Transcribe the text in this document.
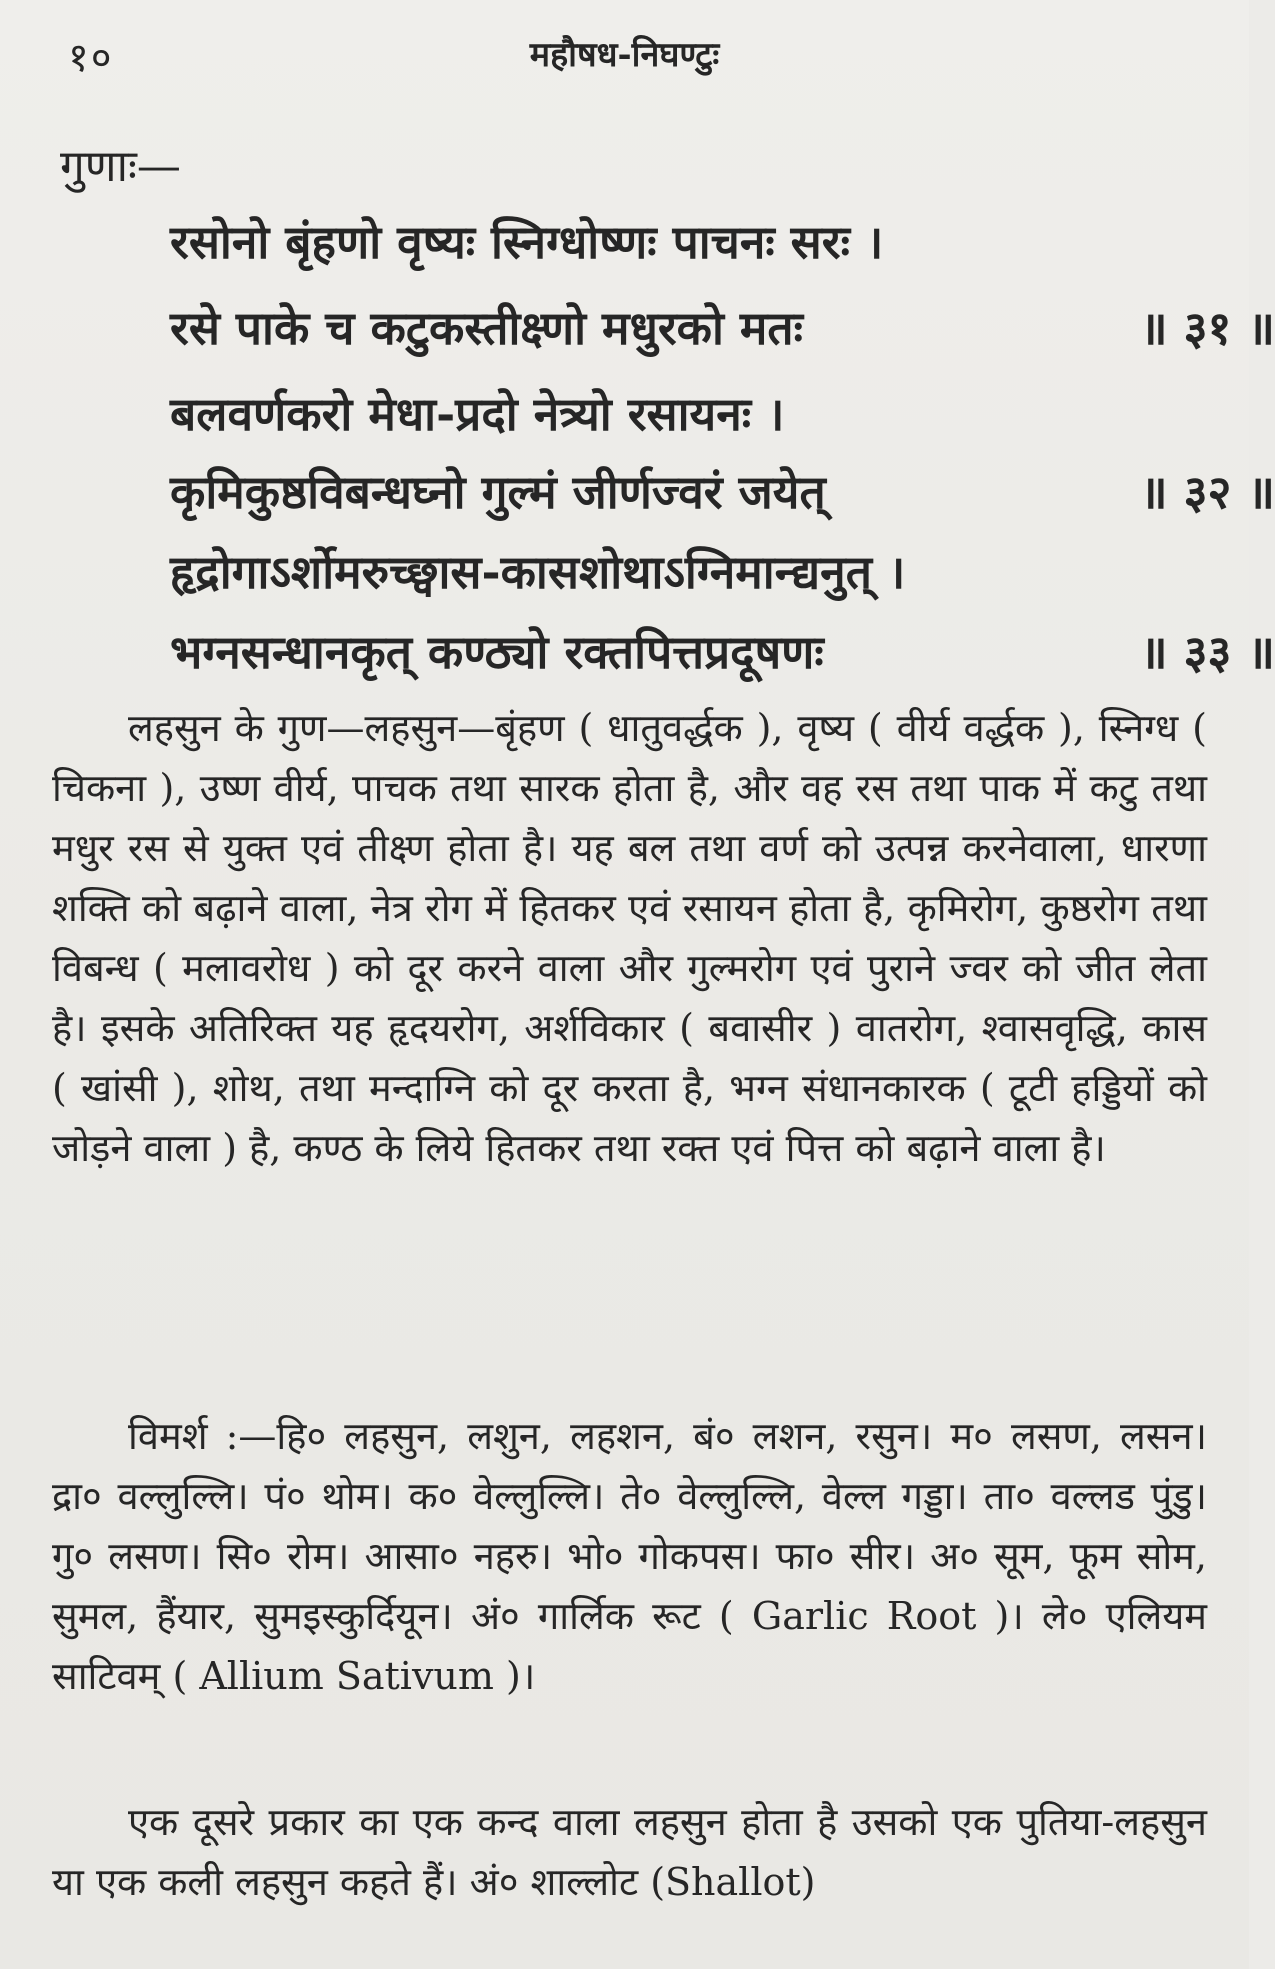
१०	महौषध-निघण्टुः
गुणाः—
रसोनो बृंहणो वृष्यः स्निग्धोष्णः पाचनः सरः ।
रसे पाके च कटुकस्तीक्ष्णो मधुरको मतः	॥ ३१ ॥
बलवर्णकरो मेधा-प्रदो नेत्र्यो रसायनः ।
कृमिकुष्ठविबन्धघ्नो गुल्मं जीर्णज्वरं जयेत्	॥ ३२ ॥
हृद्रोगाऽर्शोमरुच्छ्वास-कासशोथाऽग्निमान्द्यनुत् ।
भग्नसन्धानकृत् कण्ठ्यो रक्तपित्तप्रदूषणः	॥ ३३ ॥

लहसुन के गुण—लहसुन—बृंहण ( धातुवर्द्धक ), वृष्य ( वीर्य वर्द्धक ), स्निग्ध ( चिकना ), उष्ण वीर्य, पाचक तथा सारक होता है, और वह रस तथा पाक में कटु तथा मधुर रस से युक्त एवं तीक्ष्ण होता है। यह बल तथा वर्ण को उत्पन्न करनेवाला, धारणा शक्ति को बढ़ाने वाला, नेत्र रोग में हितकर एवं रसायन होता है, कृमिरोग, कुष्ठरोग तथा विबन्ध ( मलावरोध ) को दूर करने वाला और गुल्मरोग एवं पुराने ज्वर को जीत लेता है। इसके अतिरिक्त यह हृदयरोग, अर्शविकार ( बवासीर ) वातरोग, श्वासवृद्धि, कास ( खांसी ), शोथ, तथा मन्दाग्नि को दूर करता है, भग्न संधानकारक ( टूटी हड्डियों को जोड़ने वाला ) है, कण्ठ के लिये हितकर तथा रक्त एवं पित्त को बढ़ाने वाला है।

विमर्श :—हि० लहसुन, लशुन, लहशन, बं० लशन, रसुन। म० लसण, लसन। द्रा० वल्लुल्लि। पं० थोम। क० वेल्लुल्लि। ते० वेल्लुल्लि, वेल्ल गड्डा। ता० वल्लड पुंडु। गु० लसण। सि० रोम। आसा० नहरु। भो० गोकपस। फा० सीर। अ० सूम, फूम सोम, सुमल, हैंयार, सुमइस्कुर्दियून। अं० गार्लिक रूट ( Garlic Root )। ले० एलियम साटिवम् ( Allium Sativum )।

एक दूसरे प्रकार का एक कन्द वाला लहसुन होता है उसको एक पुतिया-लहसुन या एक कली लहसुन कहते हैं। अं० शाल्लोट (Shallot)
